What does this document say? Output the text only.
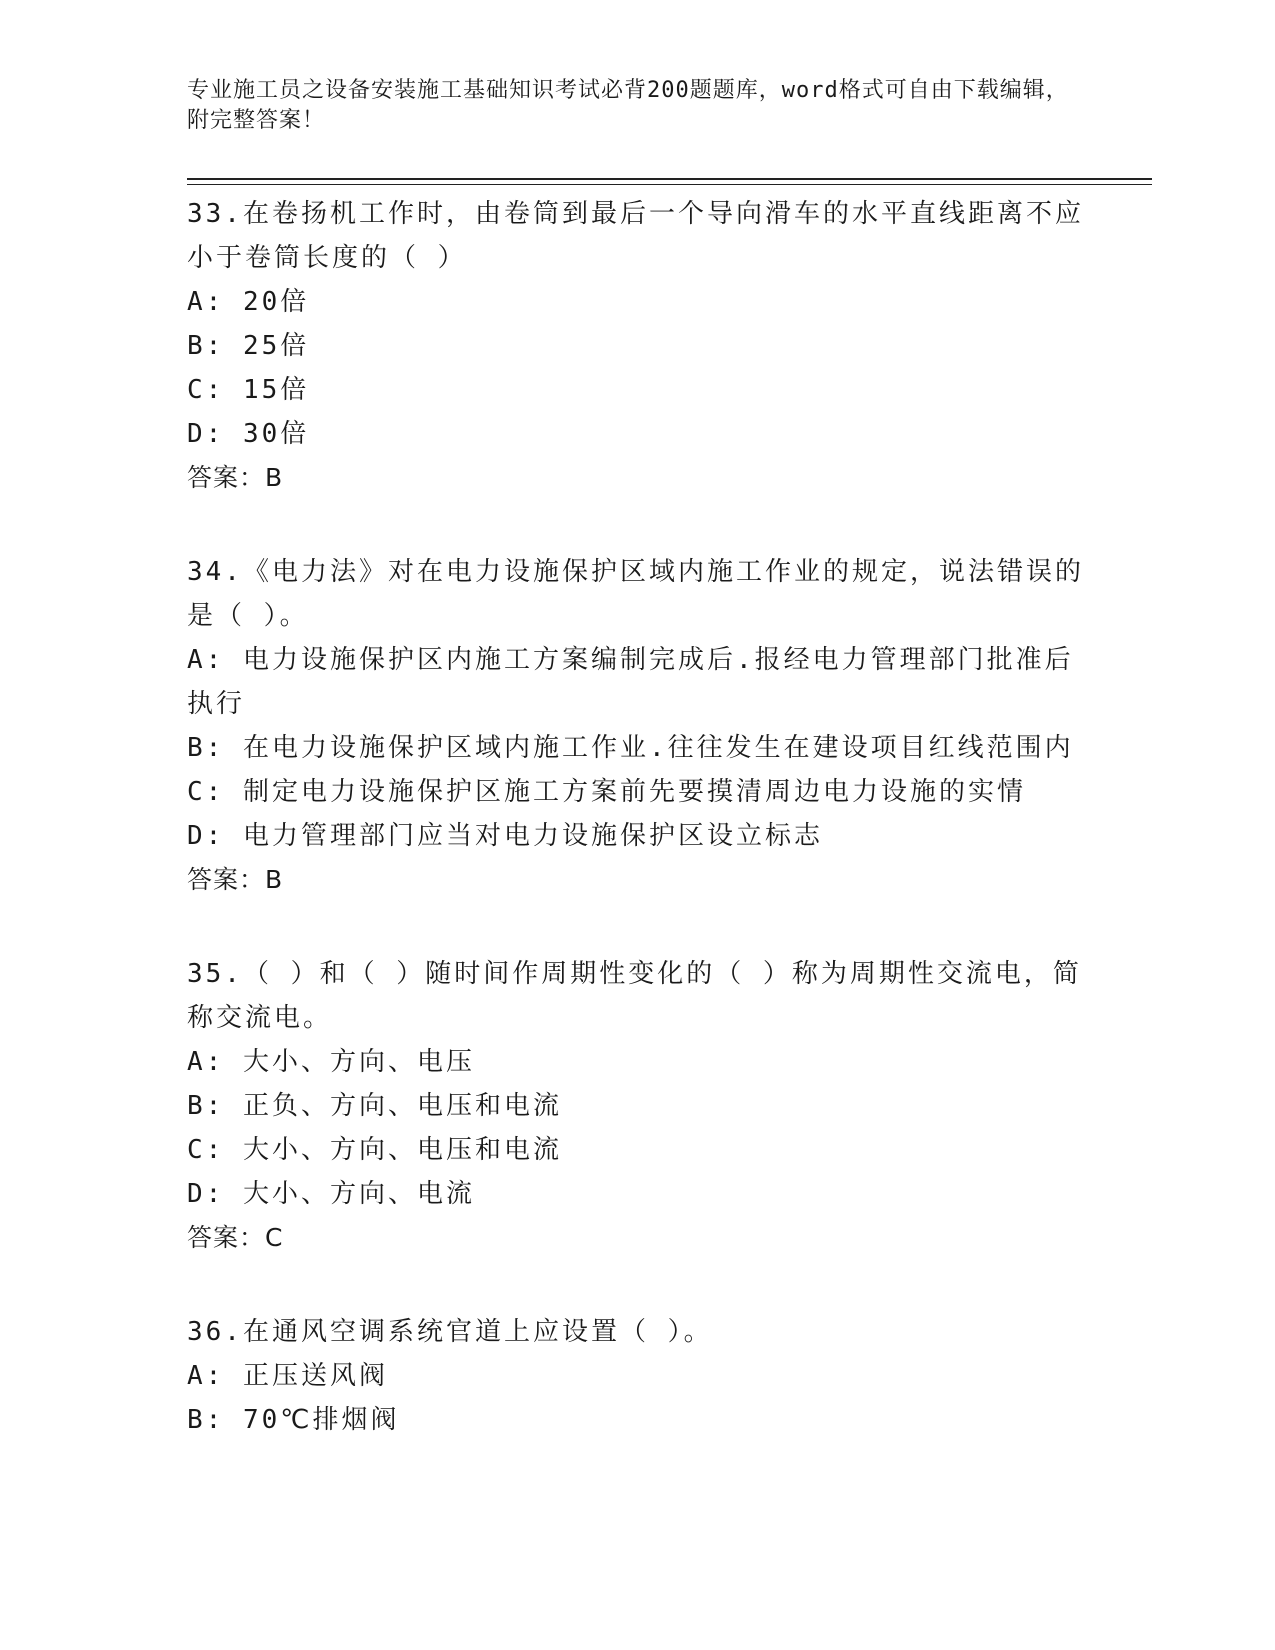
专业施工员之设备安装施工基础知识考试必背200题题库，word格式可自由下载编辑，附完整答案！

33.在卷扬机工作时，由卷筒到最后一个导向滑车的水平直线距离不应小于卷筒长度的（ ）

A: 20倍

B: 25倍

C: 15倍

D: 30倍

答案：B

34.《电力法》对在电力设施保护区域内施工作业的规定，说法错误的是（ ）。

A: 电力设施保护区内施工方案编制完成后.报经电力管理部门批准后执行

B: 在电力设施保护区域内施工作业.往往发生在建设项目红线范围内

C: 制定电力设施保护区施工方案前先要摸清周边电力设施的实情

D: 电力管理部门应当对电力设施保护区设立标志

答案：B

35.（ ）和（ ）随时间作周期性变化的（ ）称为周期性交流电，简称交流电。

A: 大小、方向、电压

B: 正负、方向、电压和电流

C: 大小、方向、电压和电流

D: 大小、方向、电流

答案：C

36.在通风空调系统官道上应设置（ ）。

A: 正压送风阀

B: 70℃排烟阀
